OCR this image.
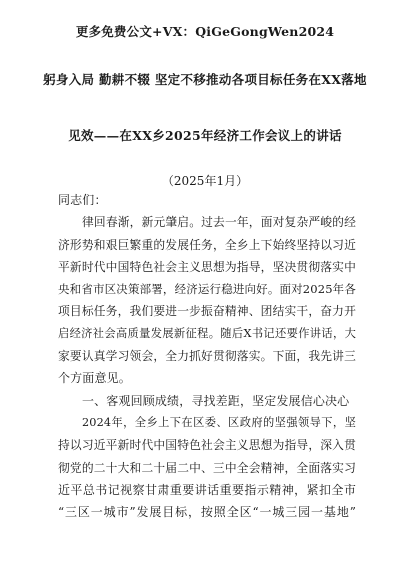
更多免费公文+VX：QiGeGongWen2024
躬身入局 勤耕不辍 坚定不移推动各项目标任务在XX落地
见效——在XX乡2025年经济工作会议上的讲话
（2025年1月）
同志们：
律回春渐，新元肇启。过去一年，面对复杂严峻的经
济形势和艰巨繁重的发展任务，全乡上下始终坚持以习近
平新时代中国特色社会主义思想为指导，坚决贯彻落实中
央和省市区决策部署，经济运行稳进向好。面对2025年各
项目标任务，我们要进一步振奋精神、团结实干，奋力开
启经济社会高质量发展新征程。随后X书记还要作讲话，大
家要认真学习领会，全力抓好贯彻落实。下面，我先讲三
个方面意见。
一、客观回顾成绩，寻找差距，坚定发展信心决心
2024年，全乡上下在区委、区政府的坚强领导下，坚
持以习近平新时代中国特色社会主义思想为指导，深入贯
彻党的二十大和二十届二中、三中全会精神，全面落实习
近平总书记视察甘肃重要讲话重要指示精神，紧扣全市
“三区一城市”发展目标，按照全区“一城三园一基地”
